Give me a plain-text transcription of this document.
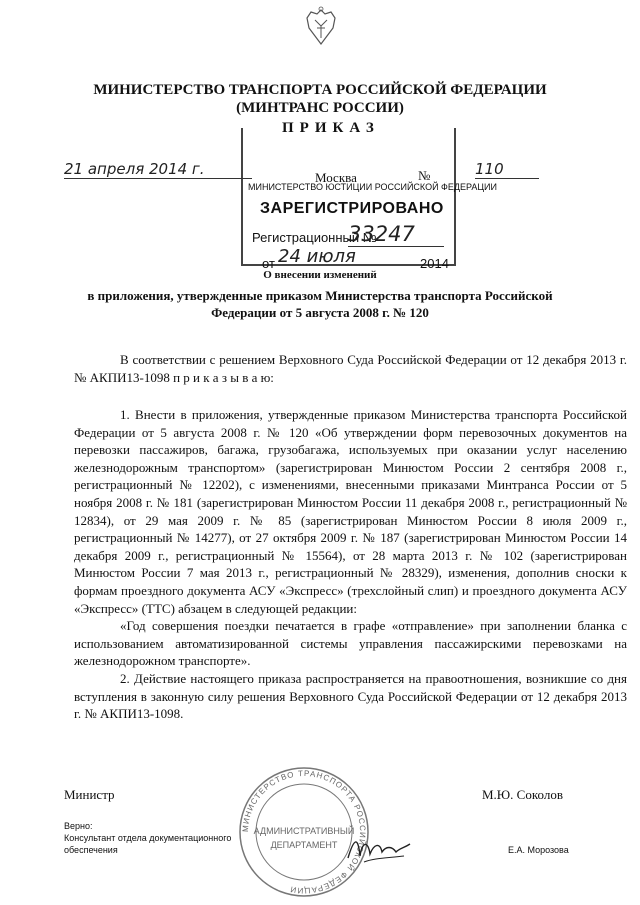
МИНИСТЕРСТВО ТРАНСПОРТА РОССИЙСКОЙ ФЕДЕРАЦИИ
(МИНТРАНС РОССИИ)
ПРИКАЗ
21 апреля 2014 г.	Москва	№	110
МИНИСТЕРСТВО ЮСТИЦИИ РОССИЙСКОЙ ФЕДЕРАЦИИ
ЗАРЕГИСТРИРОВАНО
Регистрационный №
33247
от 24 июля	2014
О внесении изменений
в приложения, утвержденные приказом Министерства транспорта Российской
Федерации от 5 августа 2008 г. № 120

В соответствии с решением Верховного Суда Российской Федерации от 12 декабря 2013 г. № АКПИ13-1098 п р и к а з ы в а ю:

1. Внести в приложения, утвержденные приказом Министерства транспорта Российской Федерации от 5 августа 2008 г. № 120 «Об утверждении форм перевозочных документов на перевозки пассажиров, багажа, грузобагажа, используемых при оказании услуг населению железнодорожным транспортом» (зарегистрирован Минюстом России 2 сентября 2008 г., регистрационный № 12202), с изменениями, внесенными приказами Минтранса России от 5 ноября 2008 г. № 181 (зарегистрирован Минюстом России 11 декабря 2008 г., регистрационный № 12834), от 29 мая 2009 г. № 85 (зарегистрирован Минюстом России 8 июля 2009 г., регистрационный № 14277), от 27 октября 2009 г. № 187 (зарегистрирован Минюстом России 14 декабря 2009 г., регистрационный № 15564), от 28 марта 2013 г. № 102 (зарегистрирован Минюстом России 7 мая 2013 г., регистрационный № 28329), изменения, дополнив сноски к формам проездного документа АСУ «Экспресс» (трехслойный слип) и проездного документа АСУ «Экспресс» (ТТС) абзацем в следующей редакции:

«Год совершения поездки печатается в графе «отправление» при заполнении бланка с использованием автоматизированной системы управления пассажирскими перевозками на железнодорожном транспорте».

2. Действие настоящего приказа распространяется на правоотношения, возникшие со дня вступления в законную силу решения Верховного Суда Российской Федерации от 12 декабря 2013 г. № АКПИ13-1098.

Министр	М.Ю. Соколов
МИНИСТЕРСТВО ТРАНСПОРТА РОССИЙСКОЙ ФЕДЕРАЦИИ
АДМИНИСТРАТИВНЫЙ
ДЕПАРТАМЕНТ
Верно:
Консультант отдела документационного
обеспечения	Е.А. Морозова
